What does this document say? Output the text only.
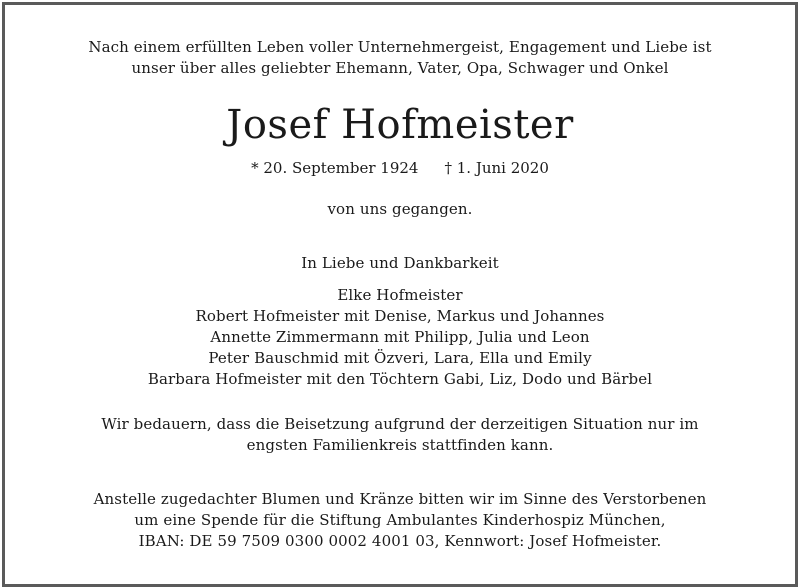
Nach einem erfüllten Leben voller Unternehmergeist, Engagement und Liebe ist
unser über alles geliebter Ehemann, Vater, Opa, Schwager und Onkel
Josef Hofmeister
* 20. September 1924 † 1. Juni 2020
von uns gegangen.
In Liebe und Dankbarkeit
Elke Hofmeister
Robert Hofmeister mit Denise, Markus und Johannes
Annette Zimmermann mit Philipp, Julia und Leon
Peter Bauschmid mit Özveri, Lara, Ella und Emily
Barbara Hofmeister mit den Töchtern Gabi, Liz, Dodo und Bärbel
Wir bedauern, dass die Beisetzung aufgrund der derzeitigen Situation nur im
engsten Familienkreis stattfinden kann.
Anstelle zugedachter Blumen und Kränze bitten wir im Sinne des Verstorbenen
um eine Spende für die Stiftung Ambulantes Kinderhospiz München,
IBAN: DE 59 7509 0300 0002 4001 03, Kennwort: Josef Hofmeister.
